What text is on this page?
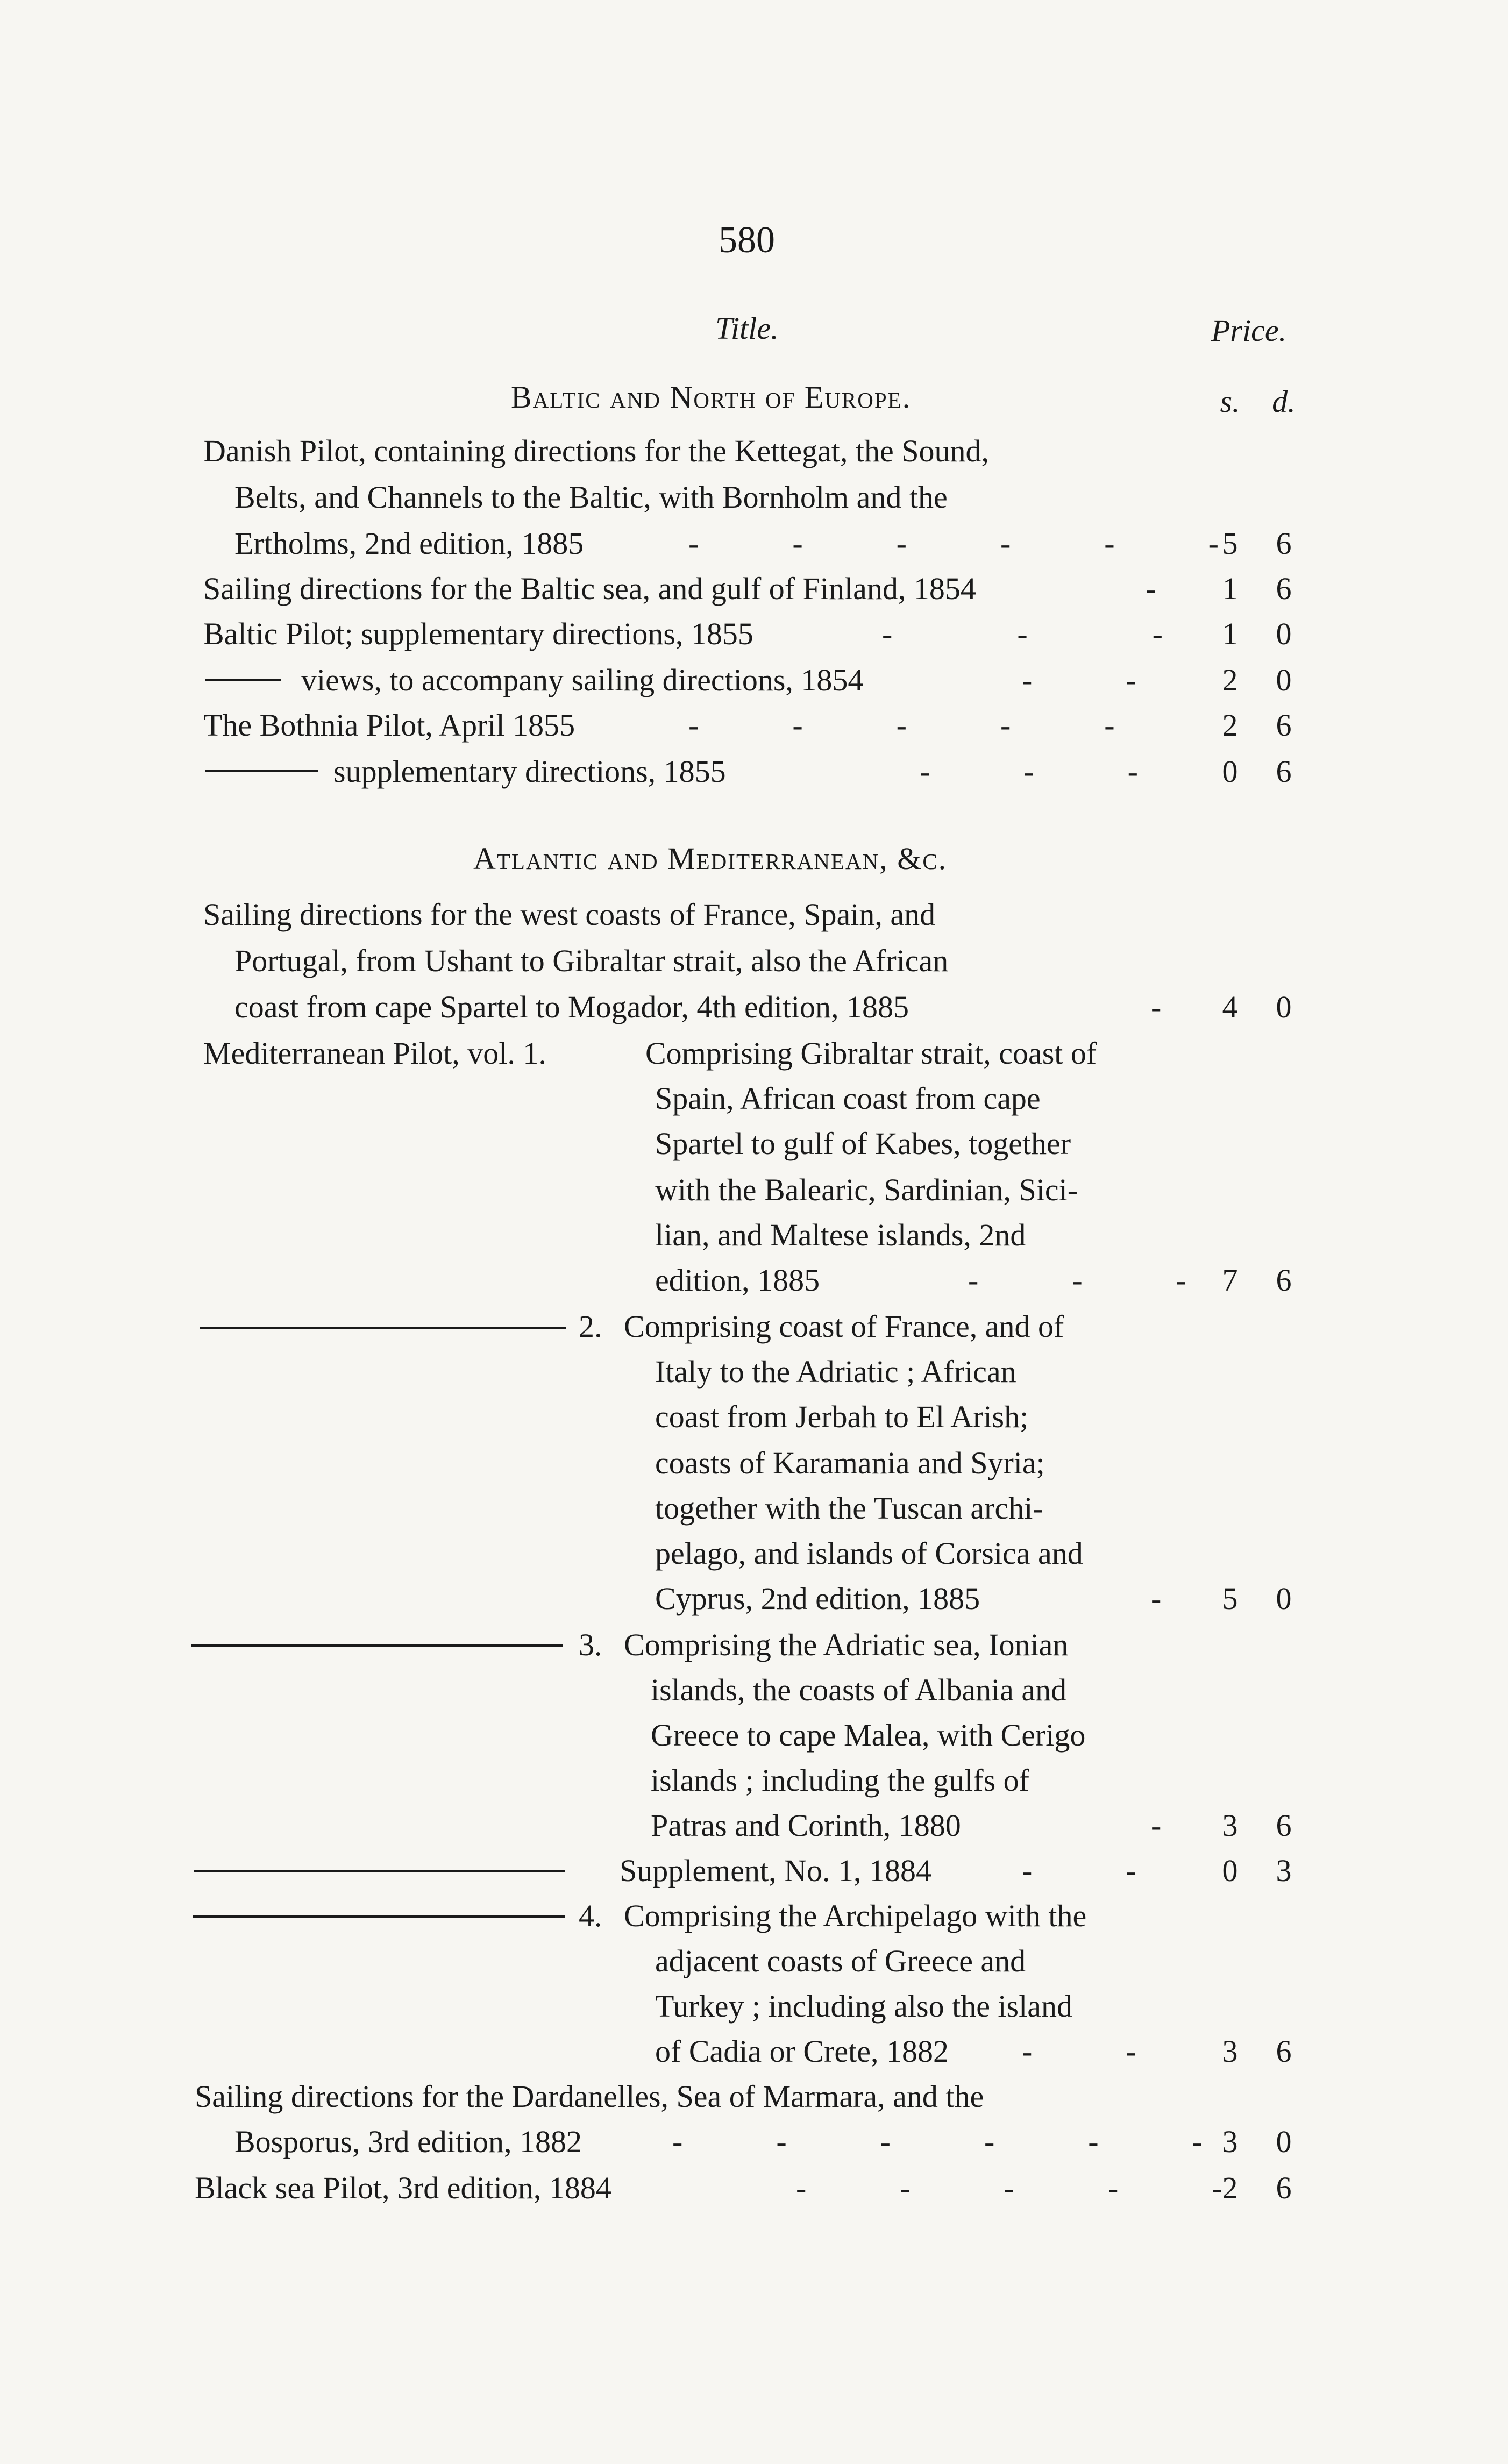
580
Title.	Price.
Baltic and North of Europe.	s. d.
Danish Pilot, containing directions for the Kettegat, the Sound,
Belts, and Channels to the Baltic, with Bornholm and the
Ertholms, 2nd edition, 1885	-   -   -   -   -   - 5 6
Sailing directions for the Baltic sea, and gulf of Finland, 1854	- 1 6
Baltic Pilot; supplementary directions, 1855	-    -    - 1 0
views, to accompany sailing directions, 1854	-   -	2 0
The Bothnia Pilot, April 1855	-   -   -   -   -	2 6
supplementary directions, 1855	-   -   -	0 6
Atlantic and Mediterranean, &c.
Sailing directions for the west coasts of France, Spain, and
Portugal, from Ushant to Gibraltar strait, also the African
coast from cape Spartel to Mogador, 4th edition, 1885	- 4 0
Mediterranean Pilot, vol. 1.	Comprising Gibraltar strait, coast of
Spain, African coast from cape
Spartel to gulf of Kabes, together
with the Balearic, Sardinian, Sici-
lian, and Maltese islands, 2nd
edition, 1885	-   -   - 7 6
2. Comprising coast of France, and of
Italy to the Adriatic ; African
coast from Jerbah to El Arish;
coasts of Karamania and Syria;
together with the Tuscan archi-
pelago, and islands of Corsica and
Cyprus, 2nd edition, 1885	- 5 0
3. Comprising the Adriatic sea, Ionian
islands, the coasts of Albania and
Greece to cape Malea, with Cerigo
islands ; including the gulfs of
Patras and Corinth, 1880	- 3 6
Supplement, No. 1, 1884	-   -	0 3
4. Comprising the Archipelago with the
adjacent coasts of Greece and
Turkey ; including also the island
of Cadia or Crete, 1882 -   -	3 6
Sailing directions for the Dardanelles, Sea of Marmara, and the
Bosporus, 3rd edition, 1882	-   -   -   -   -   - 3 0
Black sea Pilot, 3rd edition, 1884	-   -   -   -   - 2 6
